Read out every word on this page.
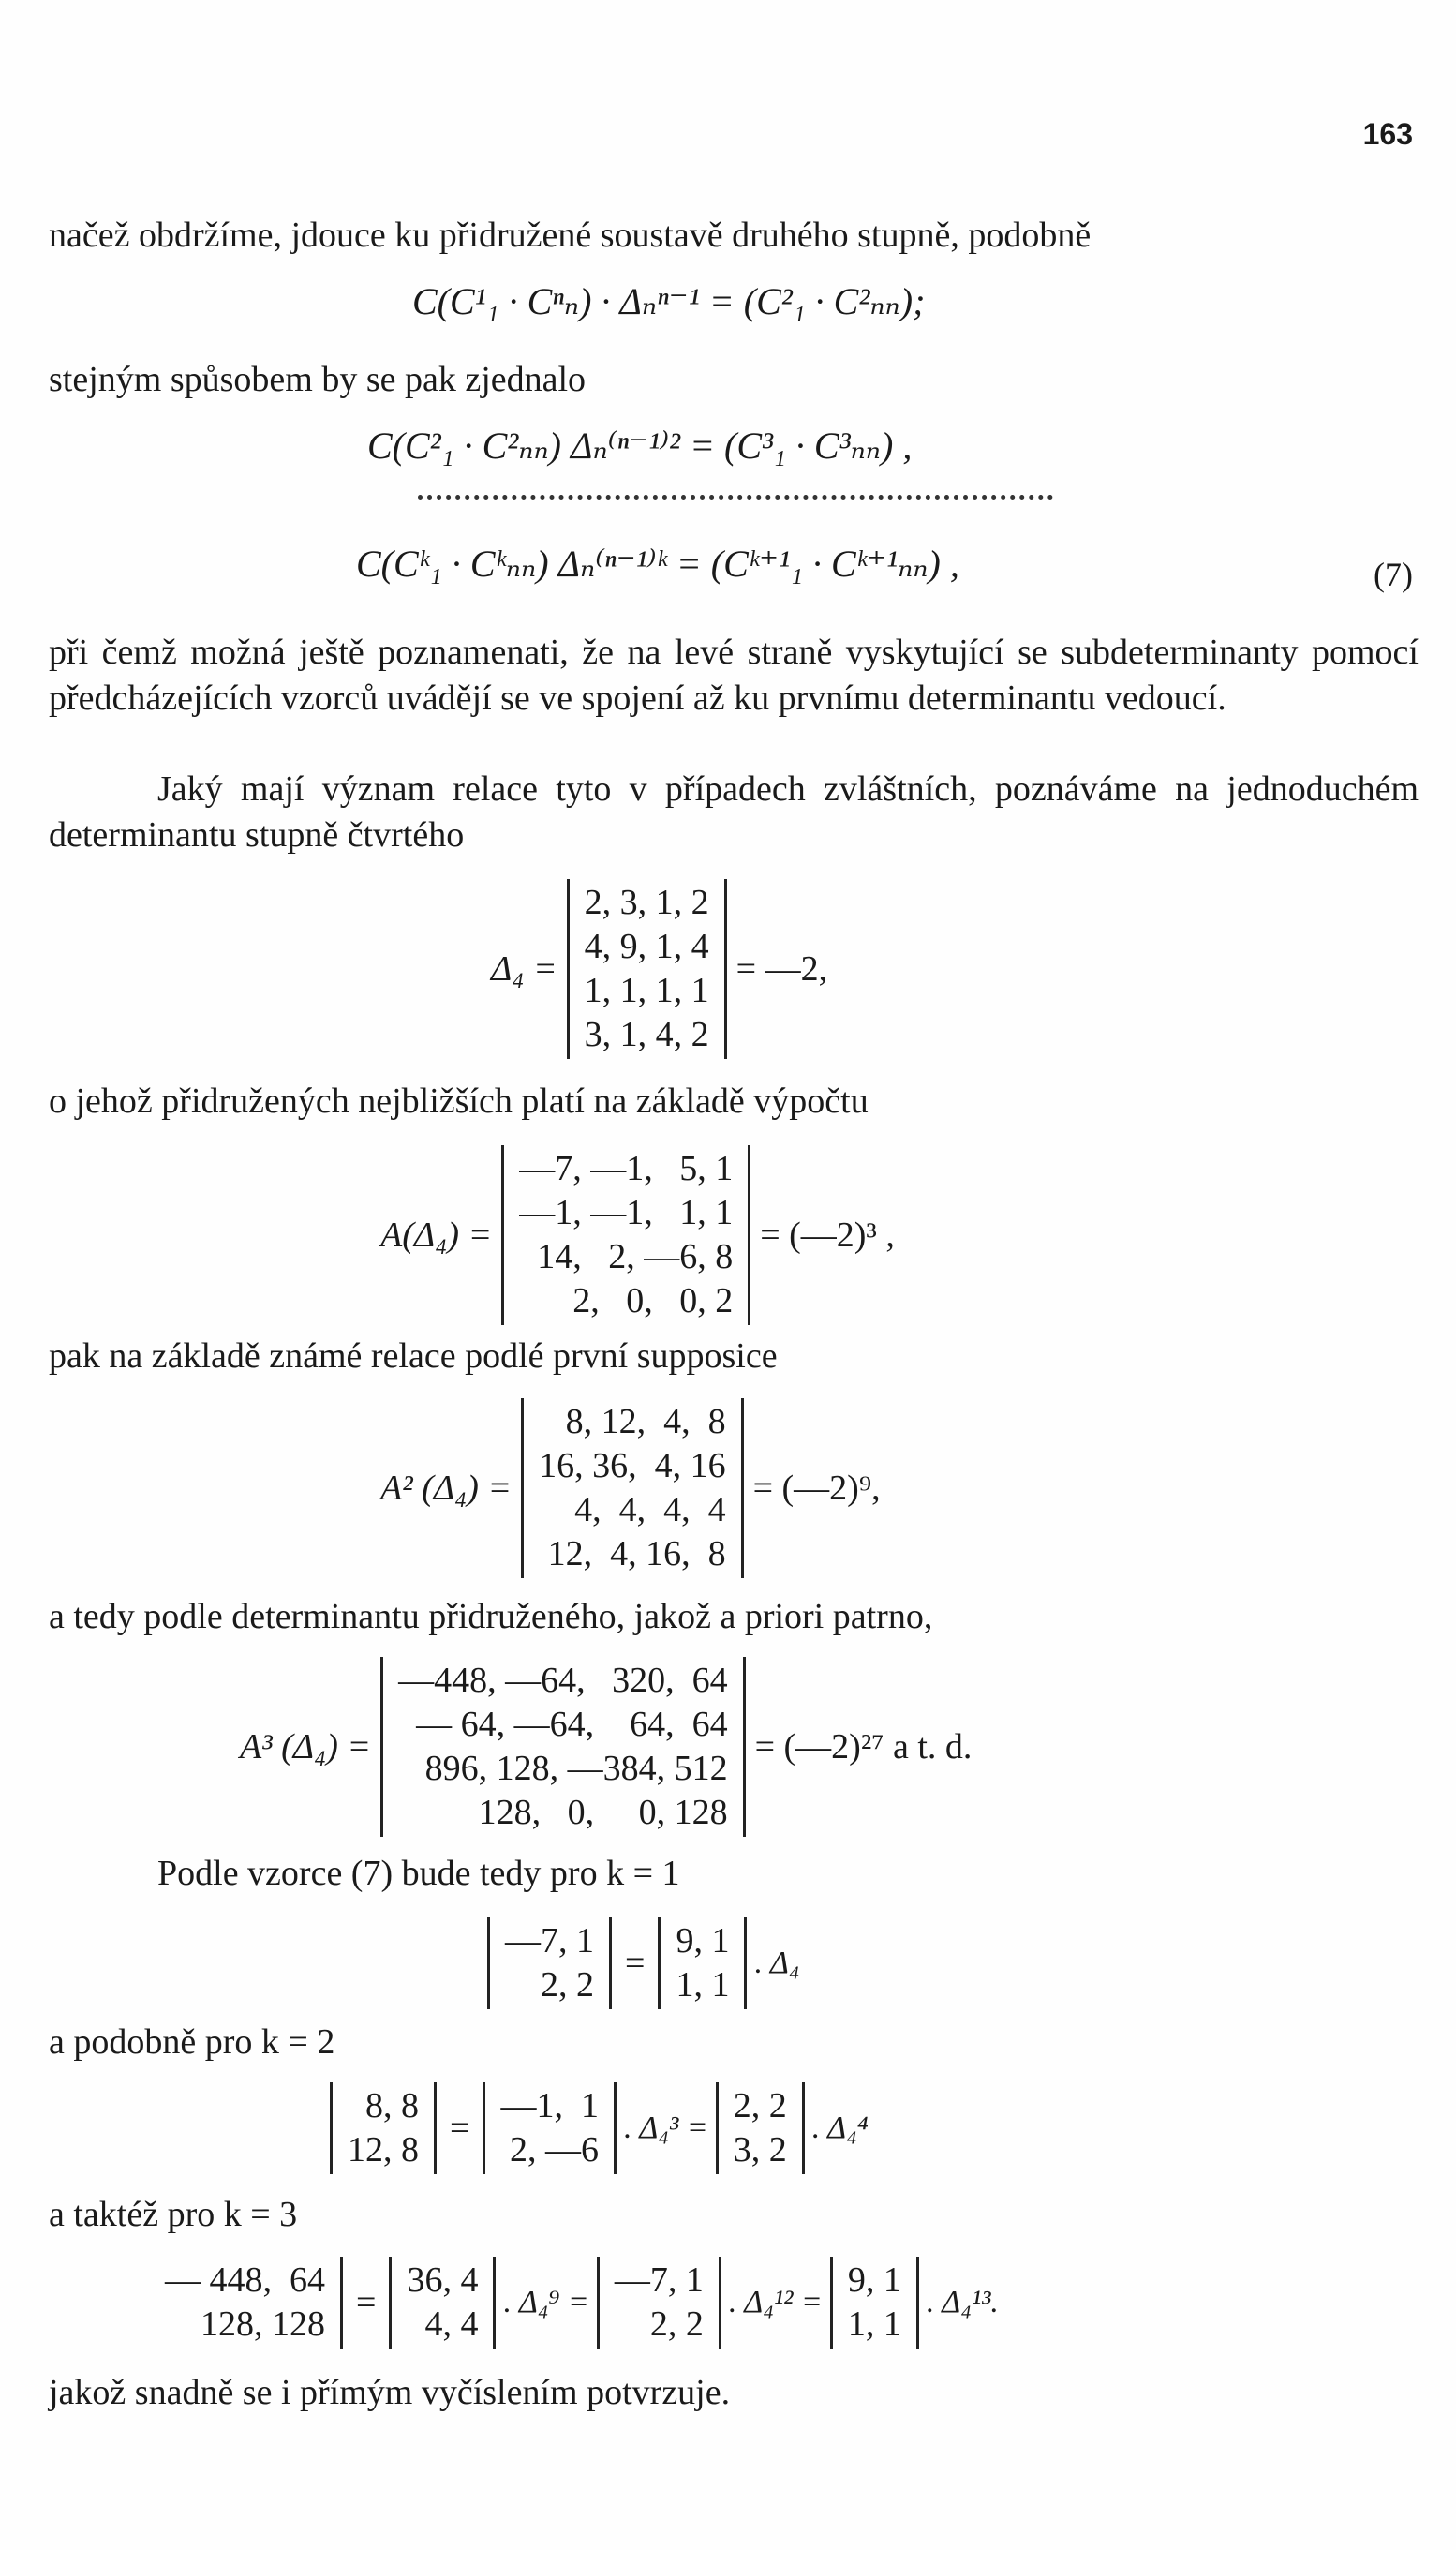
163
načež obdržíme, jdouce ku přidružené soustavě druhého stupně, podobně
C(C¹₁ · Cⁿₙ) · Δₙⁿ⁻¹ = (C²₁ · C²ₙₙ);
stejným spůsobem by se pak zjednalo
C(C²₁ · C²ₙₙ) Δₙ⁽ⁿ⁻¹⁾² = (C³₁ · C³ₙₙ) ,
C(Cᵏ₁ · Cᵏₙₙ) Δₙ⁽ⁿ⁻¹⁾ᵏ = (Cᵏ⁺¹₁ · Cᵏ⁺¹ₙₙ) ,	(7)
při čemž možná ještě poznamenati, že na levé straně vyskytující se subdeterminanty pomocí předcházejících vzorců uvádějí se ve spojení až ku prvnímu determinantu vedoucí.
Jaký mají význam relace tyto v případech zvláštních, poznáváme na jednoduchém determinantu stupně čtvrtého
Δ₄ =
2, 3, 1, 2
4, 9, 1, 4
1, 1, 1, 1
3, 1, 4, 2
= —2,
o jehož přidružených nejbližších platí na základě výpočtu
A(Δ₄) =
—7, —1,   5, 1
—1, —1,   1, 1
14,   2, —6, 8
2,   0,   0, 2
= (—2)³ ,
pak na základě známé relace podlé první supposice
A² (Δ₄) =
8, 12,  4,  8
16, 36,  4, 16
4,  4,  4,  4
12,  4, 16,  8
= (—2)⁹,
a tedy podle determinantu přidruženého, jakož a priori patrno,
A³ (Δ₄) =
—448, —64,   320,  64
— 64, —64,    64,  64
896, 128, —384, 512
128,   0,     0, 128
= (—2)²⁷ a t. d.
Podle vzorce (7) bude tedy pro k = 1
—7, 1
2, 2
=
9, 1
1, 1
. Δ₄
a podobně pro k = 2
8, 8
12, 8
=
—1,  1
2, —6
. Δ₄³ =
2, 2
3, 2
. Δ₄⁴
a taktéž pro k = 3
— 448,  64
128, 128
=
36, 4
4, 4
. Δ₄⁹ =
—7, 1
2, 2
. Δ₄¹² =
9, 1
1, 1
. Δ₄¹³.
jakož snadně se i přímým vyčíslením potvrzuje.
